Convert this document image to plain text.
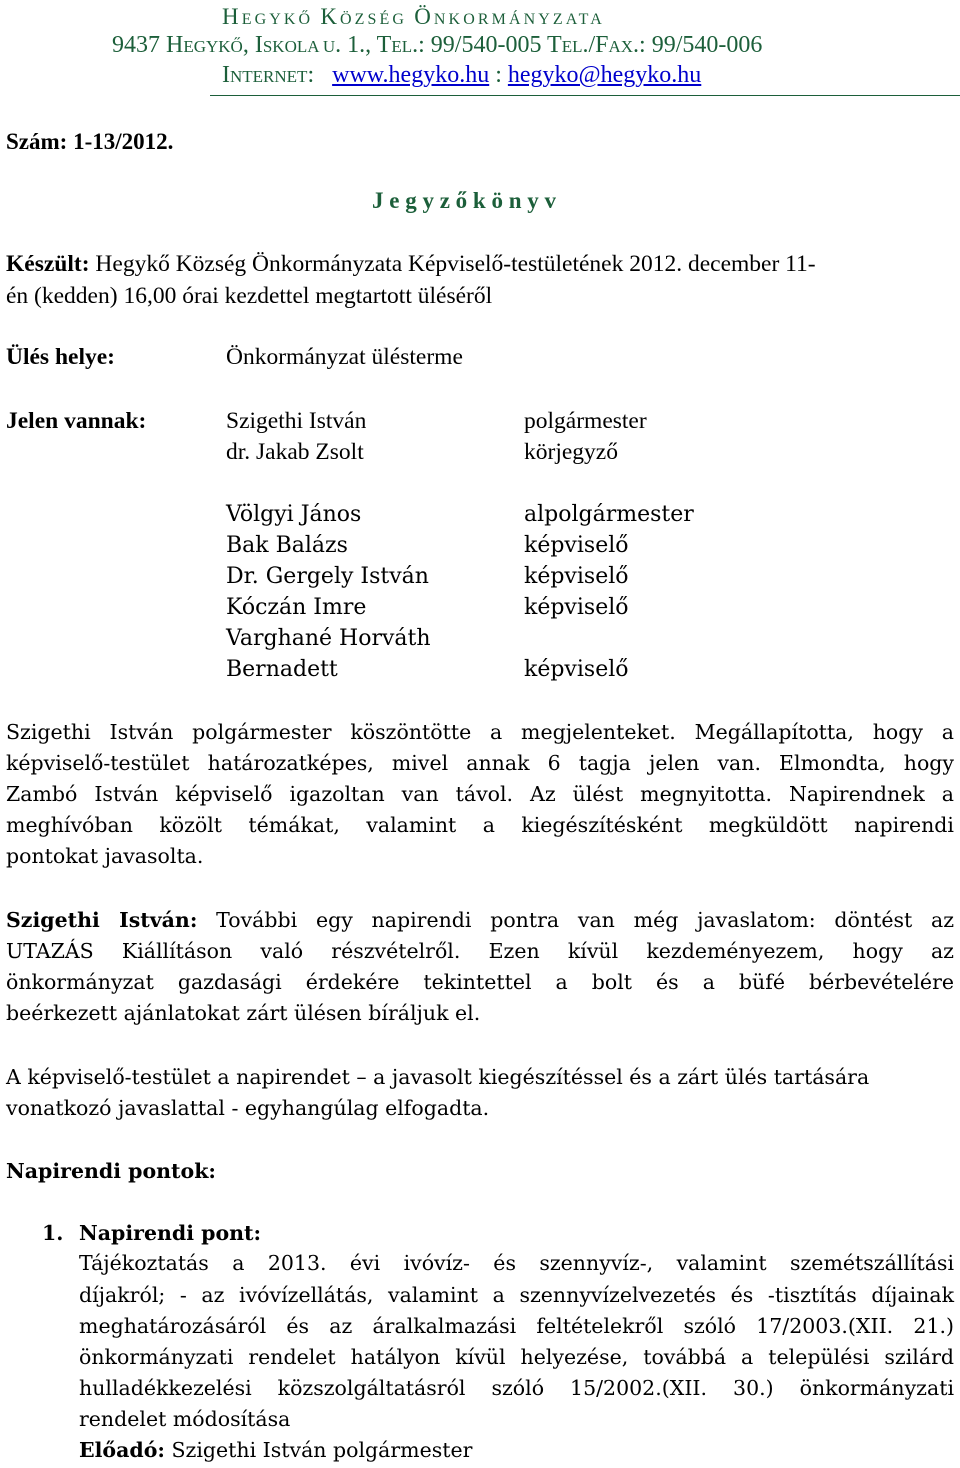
HEGYKŐ KÖZSÉG ÖNKORMÁNYZATA
9437 HEGYKŐ, ISKOLA U. 1., TEL.: 99/540-005 TEL./FAX.: 99/540-006
INTERNET: www.hegyko.hu : hegyko@hegyko.hu
Szám: 1-13/2012.
J e g y z ő k ö n y v
Készült: Hegykő Község Önkormányzata Képviselő-testületének 2012. december 11-
én (kedden) 16,00 órai kezdettel megtartott üléséről
Ülés helye:	Önkormányzat ülésterme
Jelen vannak:	Szigethi István	polgármester
dr. Jakab Zsolt	körjegyző
Völgyi János	alpolgármester
Bak Balázs	képviselő
Dr. Gergely István	képviselő
Kóczán Imre	képviselő
Varghané Horváth
Bernadett	képviselő
Szigethi István polgármester köszöntötte a megjelenteket. Megállapította, hogy a
képviselő-testület határozatképes, mivel annak 6 tagja jelen van. Elmondta, hogy
Zambó István képviselő igazoltan van távol. Az ülést megnyitotta. Napirendnek a
meghívóban közölt témákat, valamint a kiegészítésként megküldött napirendi
pontokat javasolta.
Szigethi István: További egy napirendi pontra van még javaslatom: döntést az
UTAZÁS Kiállításon való részvételről. Ezen kívül kezdeményezem, hogy az
önkormányzat gazdasági érdekére tekintettel a bolt és a büfé bérbevételére
beérkezett ajánlatokat zárt ülésen bíráljuk el.
A képviselő-testület a napirendet – a javasolt kiegészítéssel és a zárt ülés tartására
vonatkozó javaslattal - egyhangúlag elfogadta.
Napirendi pontok:
1. Napirendi pont:
Tájékoztatás a 2013. évi ivóvíz- és szennyvíz-, valamint szemétszállítási
díjakról; - az ivóvízellátás, valamint a szennyvízelvezetés és -tisztítás díjainak
meghatározásáról és az áralkalmazási feltételekről szóló 17/2003.(XII. 21.)
önkormányzati rendelet hatályon kívül helyezése, továbbá a települési szilárd
hulladékkezelési közszolgáltatásról szóló 15/2002.(XII. 30.) önkormányzati
rendelet módosítása
Előadó: Szigethi István polgármester
